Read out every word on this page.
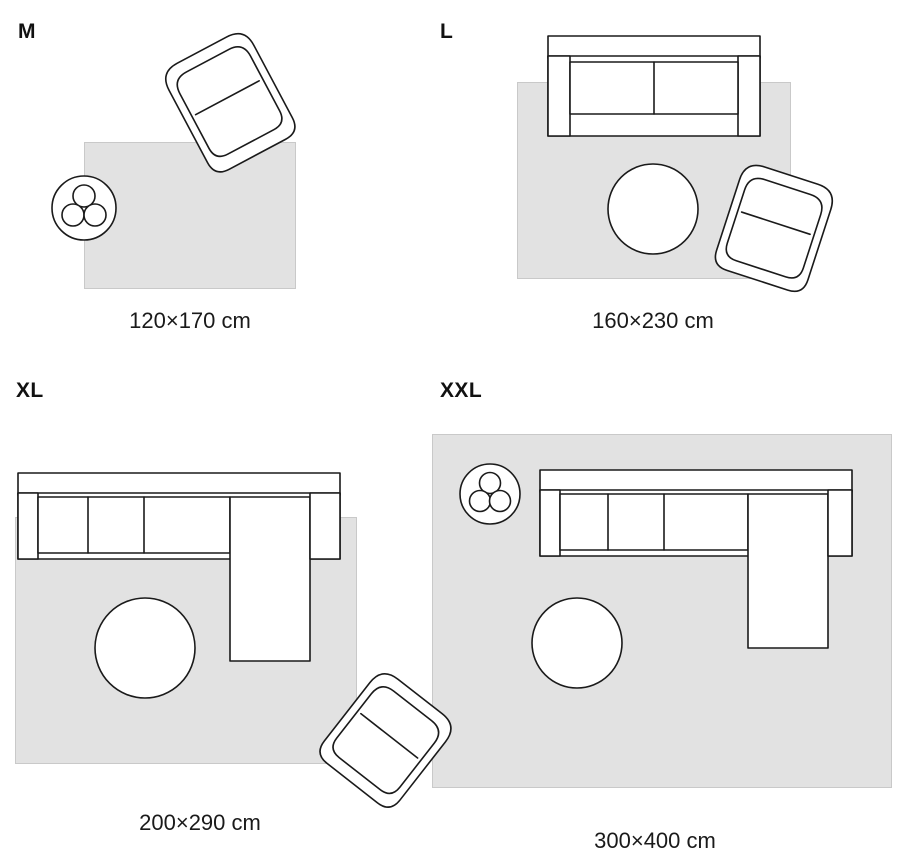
M
120×170 cm
L
160×230 cm
XL
200×290 cm
XXL
300×400 cm
